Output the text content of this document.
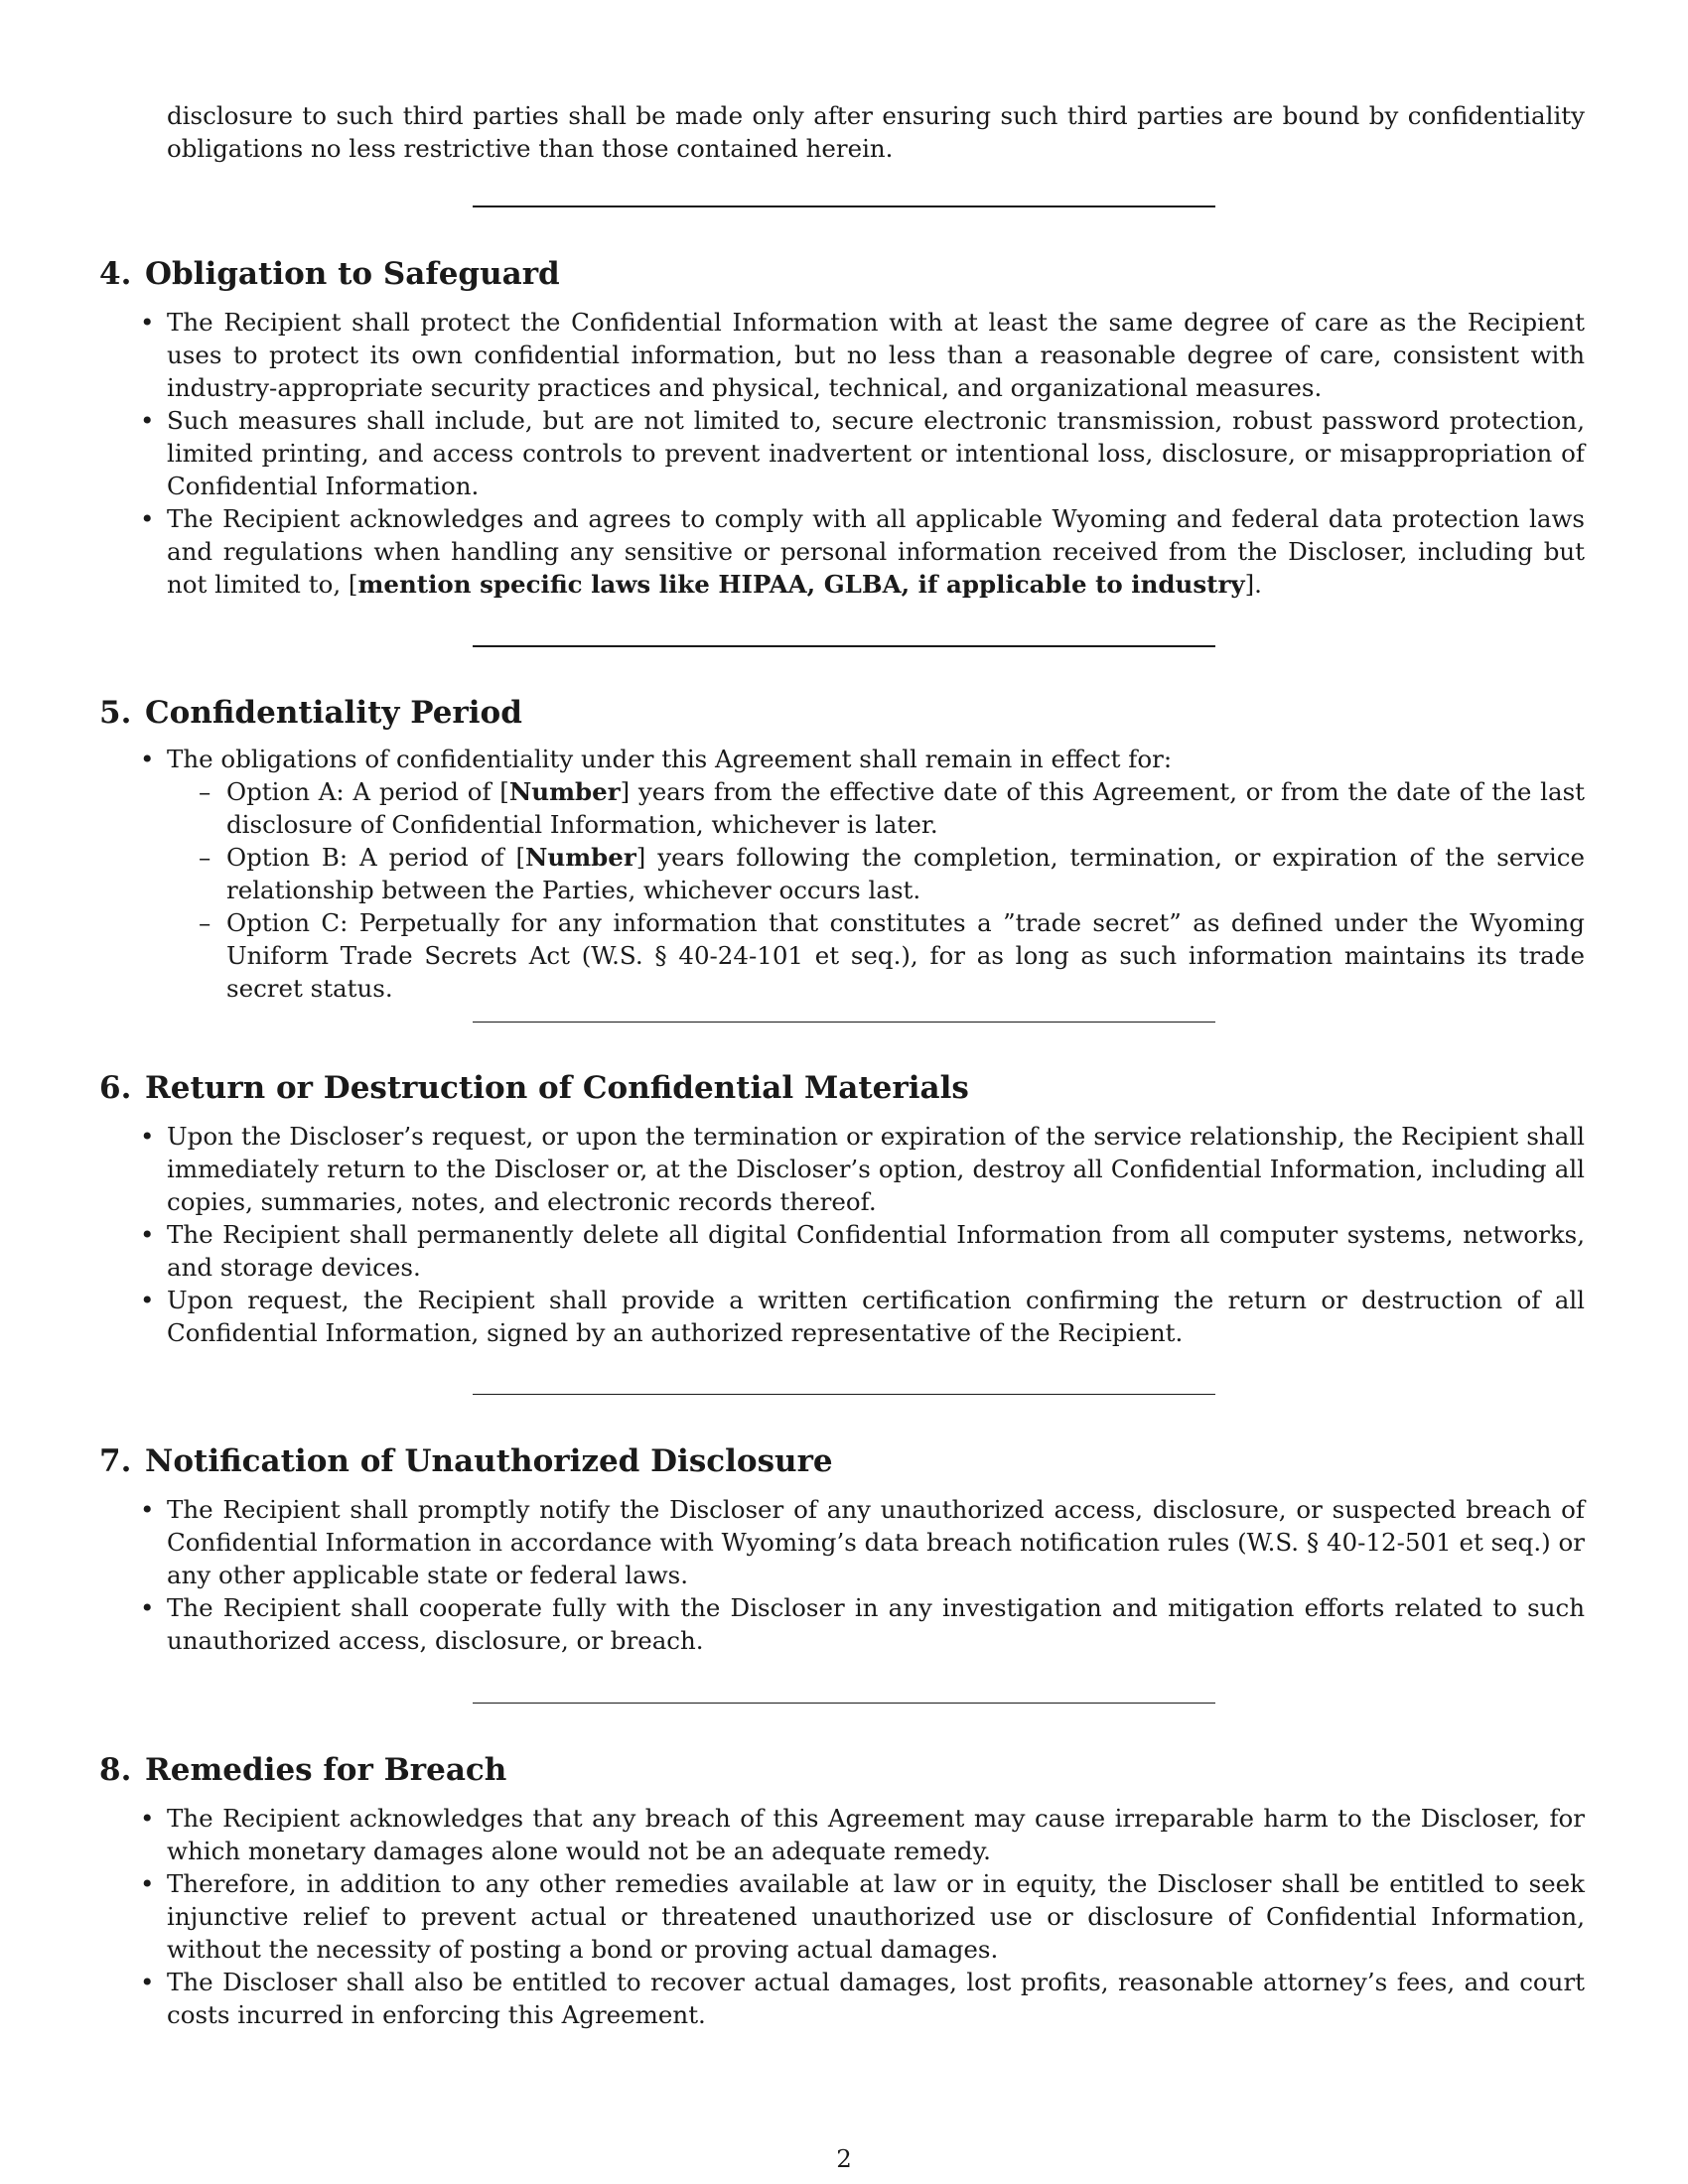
disclosure to such third parties shall be made only after ensuring such third parties are bound by confidentiality obligations no less restrictive than those contained herein.

4. Obligation to Safeguard
• The Recipient shall protect the Confidential Information with at least the same degree of care as the Recipient uses to protect its own confidential information, but no less than a reasonable degree of care, consistent with industry-appropriate security practices and physical, technical, and organizational measures.
• Such measures shall include, but are not limited to, secure electronic transmission, robust password protection, limited printing, and access controls to prevent inadvertent or intentional loss, disclosure, or misappropriation of Confidential Information.
• The Recipient acknowledges and agrees to comply with all applicable Wyoming and federal data protection laws and regulations when handling any sensitive or personal information received from the Discloser, including but not limited to, [mention specific laws like HIPAA, GLBA, if applicable to industry].
5. Confidentiality Period
• The obligations of confidentiality under this Agreement shall remain in effect for:
– Option A: A period of [Number] years from the effective date of this Agreement, or from the date of the last disclosure of Confidential Information, whichever is later.
– Option B: A period of [Number] years following the completion, termination, or expiration of the service relationship between the Parties, whichever occurs last.
– Option C: Perpetually for any information that constitutes a ”trade secret” as defined under the Wyoming Uniform Trade Secrets Act (W.S. § 40-24-101 et seq.), for as long as such information maintains its trade secret status.
6. Return or Destruction of Confidential Materials
• Upon the Discloser’s request, or upon the termination or expiration of the service relationship, the Recipient shall immediately return to the Discloser or, at the Discloser’s option, destroy all Confidential Information, including all copies, summaries, notes, and electronic records thereof.
• The Recipient shall permanently delete all digital Confidential Information from all computer systems, networks, and storage devices.
• Upon request, the Recipient shall provide a written certification confirming the return or destruction of all Confidential Information, signed by an authorized representative of the Recipient.
7. Notification of Unauthorized Disclosure
• The Recipient shall promptly notify the Discloser of any unauthorized access, disclosure, or suspected breach of Confidential Information in accordance with Wyoming’s data breach notification rules (W.S. § 40-12-501 et seq.) or any other applicable state or federal laws.
• The Recipient shall cooperate fully with the Discloser in any investigation and mitigation efforts related to such unauthorized access, disclosure, or breach.
8. Remedies for Breach
• The Recipient acknowledges that any breach of this Agreement may cause irreparable harm to the Discloser, for which monetary damages alone would not be an adequate remedy.
• Therefore, in addition to any other remedies available at law or in equity, the Discloser shall be entitled to seek injunctive relief to prevent actual or threatened unauthorized use or disclosure of Confidential Information, without the necessity of posting a bond or proving actual damages.
• The Discloser shall also be entitled to recover actual damages, lost profits, reasonable attorney’s fees, and court costs incurred in enforcing this Agreement.
2
